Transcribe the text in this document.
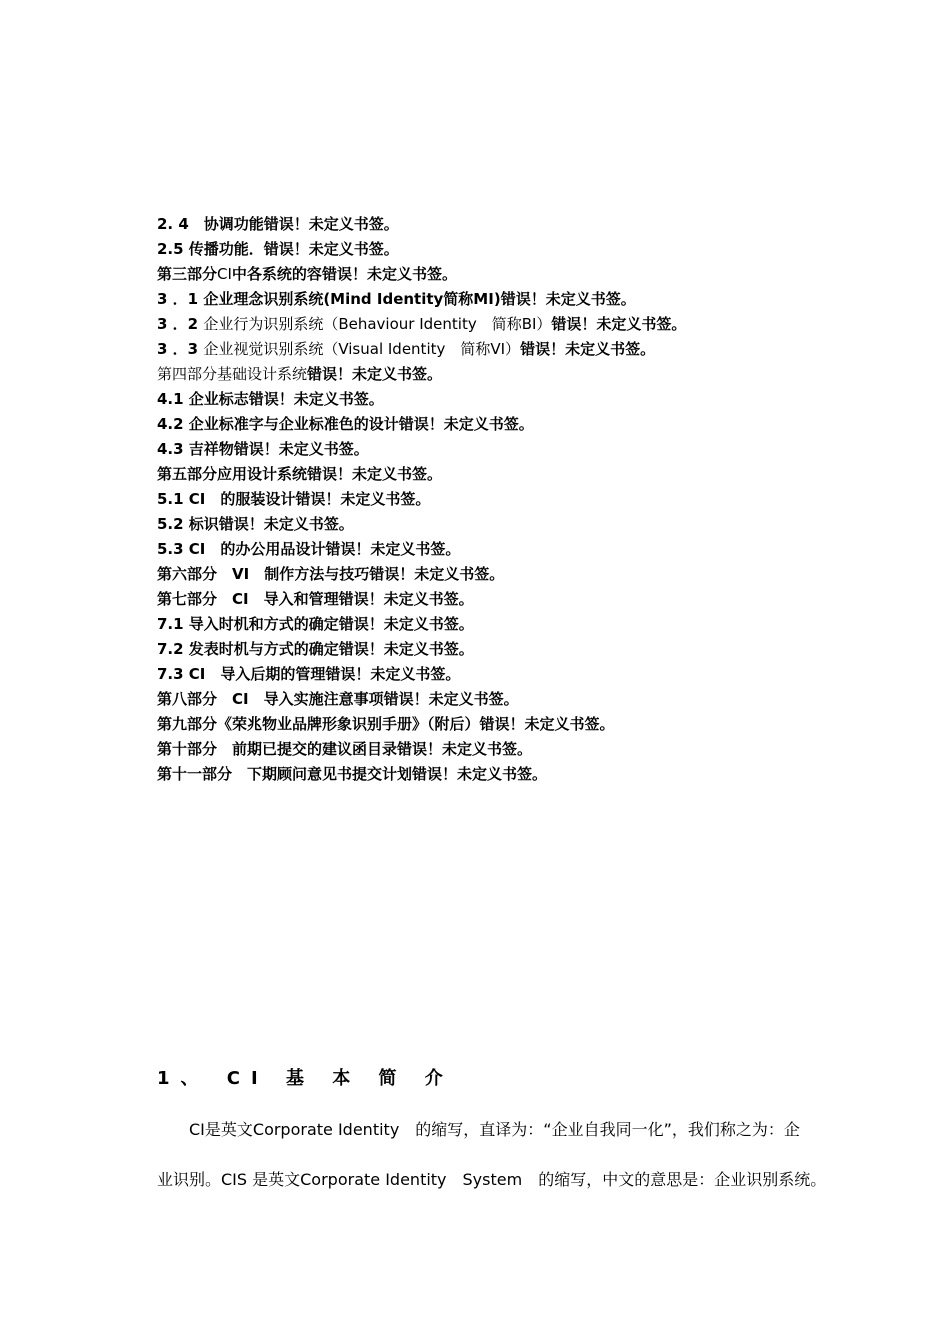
2. 4　协调功能错误！未定义书签。
2.5 传播功能．错误！未定义书签。
第三部分CI中各系统的容错误！未定义书签。
3 ．1 企业理念识别系统(Mind Identity简称MI)错误！未定义书签。
3 ．2 企业行为识别系统（Behaviour Identity　简称BI）错误！未定义书签。
3 ．3 企业视觉识别系统（Visual Identity　简称VI）错误！未定义书签。
第四部分基础设计系统错误！未定义书签。
4.1 企业标志错误！未定义书签。
4.2 企业标准字与企业标准色的设计错误！未定义书签。
4.3 吉祥物错误！未定义书签。
第五部分应用设计系统错误！未定义书签。
5.1 CI　的服装设计错误！未定义书签。
5.2 标识错误！未定义书签。
5.3 CI　的办公用品设计错误！未定义书签。
第六部分　VI　制作方法与技巧错误！未定义书签。
第七部分　CI　导入和管理错误！未定义书签。
7.1 导入时机和方式的确定错误！未定义书签。
7.2 发表时机与方式的确定错误！未定义书签。
7.3 CI　导入后期的管理错误！未定义书签。
第八部分　CI　导入实施注意事项错误！未定义书签。
第九部分《荣兆物业品牌形象识别手册》（附后）错误！未定义书签。
第十部分　前期已提交的建议函目录错误！未定义书签。
第十一部分　下期顾问意见书提交计划错误！未定义书签。
1、 CI 基 本 简 介
CI是英文Corporate Identity　的缩写，直译为：“企业自我同一化”，我们称之为：企
业识别。CIS 是英文Corporate Identity　System　的缩写，中文的意思是：企业识别系统。
